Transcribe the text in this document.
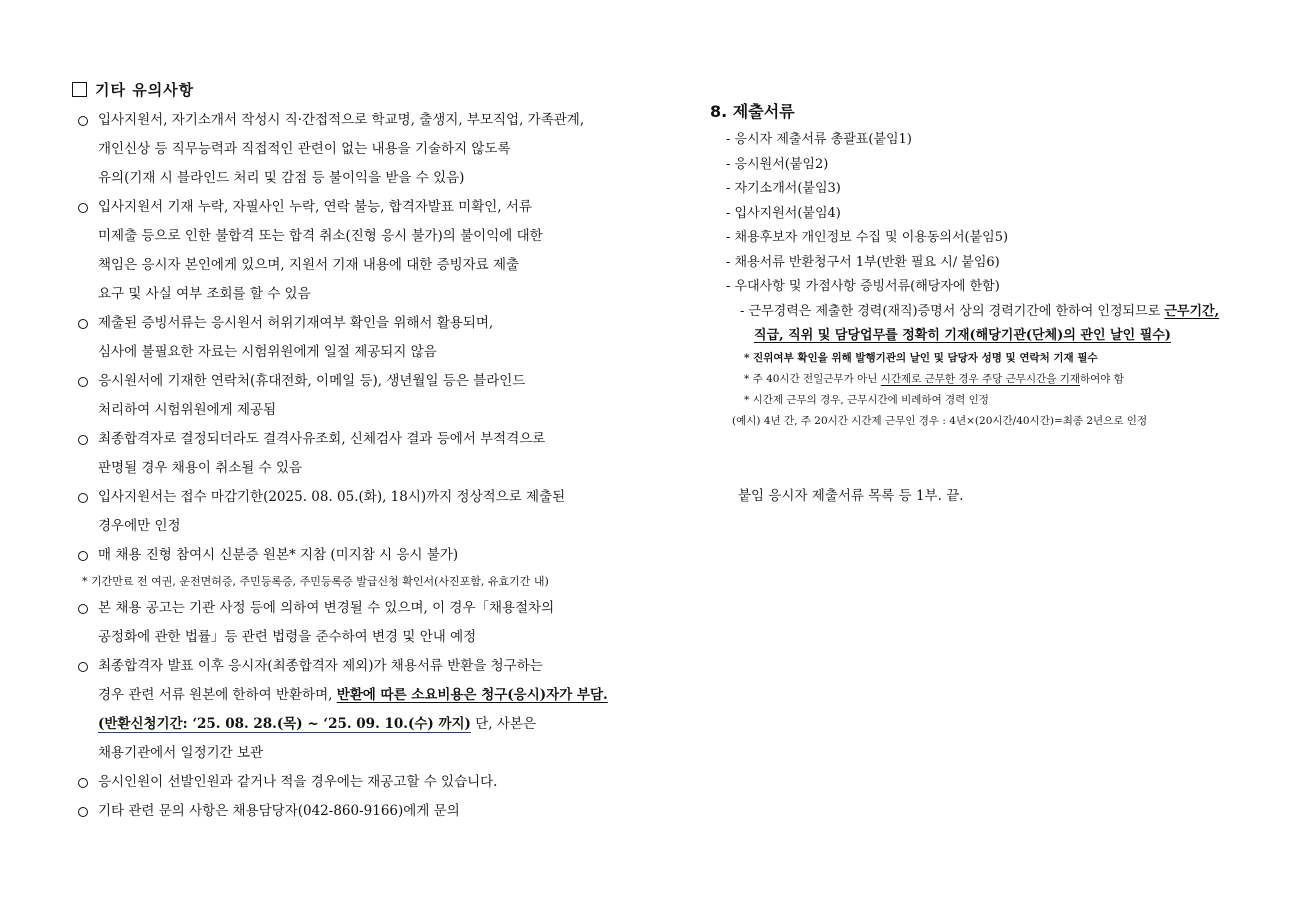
기타 유의사항
입사지원서, 자기소개서 작성시 직·간접적으로 학교명, 출생지, 부모직업, 가족관계,
개인신상 등 직무능력과 직접적인 관련이 없는 내용을 기술하지 않도록
유의(기재 시 블라인드 처리 및 감점 등 불이익을 받을 수 있음)
입사지원서 기재 누락, 자필사인 누락, 연락 불능, 합격자발표 미확인, 서류
미제출 등으로 인한 불합격 또는 합격 취소(진형 응시 불가)의 불이익에 대한
책임은 응시자 본인에게 있으며, 지원서 기재 내용에 대한 증빙자료 제출
요구 및 사실 여부 조회를 할 수 있음
제출된 증빙서류는 응시원서 허위기재여부 확인을 위해서 활용되며,
심사에 불필요한 자료는 시험위원에게 일절 제공되지 않음
응시원서에 기재한 연락처(휴대전화, 이메일 등), 생년월일 등은 블라인드
처리하여 시험위원에게 제공됨
최종합격자로 결정되더라도 결격사유조회, 신체검사 결과 등에서 부적격으로
판명될 경우 채용이 취소될 수 있음
입사지원서는 접수 마감기한(2025. 08. 05.(화), 18시)까지 정상적으로 제출된
경우에만 인정
매 채용 진형 참여시 신분증 원본* 지참 (미지참 시 응시 불가)
* 기간만료 전 여권, 운전면허증, 주민등록증, 주민등록증 발급신청 확인서(사진포함, 유효기간 내)
본 채용 공고는 기관 사정 등에 의하여 변경될 수 있으며, 이 경우「채용절차의
공정화에 관한 법률」등 관련 법령을 준수하여 변경 및 안내 예정
최종합격자 발표 이후 응시자(최종합격자 제외)가 채용서류 반환을 청구하는
경우 관련 서류 원본에 한하여 반환하며, 반환에 따른 소요비용은 청구(응시)자가 부담.
(반환신청기간: ‘25. 08. 28.(목) ~ ‘25. 09. 10.(수) 까지) 단, 사본은
채용기관에서 일정기간 보관
응시인원이 선발인원과 같거나 적을 경우에는 재공고할 수 있습니다.
기타 관련 문의 사항은 채용담당자(042-860-9166)에게 문의
8. 제출서류
- 응시자 제출서류 총괄표(붙임1)
- 응시원서(붙임2)
- 자기소개서(붙임3)
- 입사지원서(붙임4)
- 채용후보자 개인정보 수집 및 이용동의서(붙임5)
- 채용서류 반환청구서 1부(반환 필요 시/ 붙임6)
- 우대사항 및 가점사항 증빙서류(해당자에 한함)
- 근무경력은 제출한 경력(재직)증명서 상의 경력기간에 한하여 인정되므로 근무기간,
직급, 직위 및 담당업무를 정확히 기재(해당기관(단체)의 관인 날인 필수)
* 진위여부 확인을 위해 발행기관의 날인 및 담당자 성명 및 연락처 기재 필수
* 주 40시간 전일근무가 아닌 시간제로 근무한 경우 주당 근무시간을 기재하여야 함
* 시간제 근무의 경우, 근무시간에 비례하여 경력 인정
(예시) 4년 간, 주 20시간 시간제 근무인 경우 : 4년×(20시간/40시간)=최종 2년으로 인정
붙임 응시자 제출서류 목록 등 1부. 끝.
